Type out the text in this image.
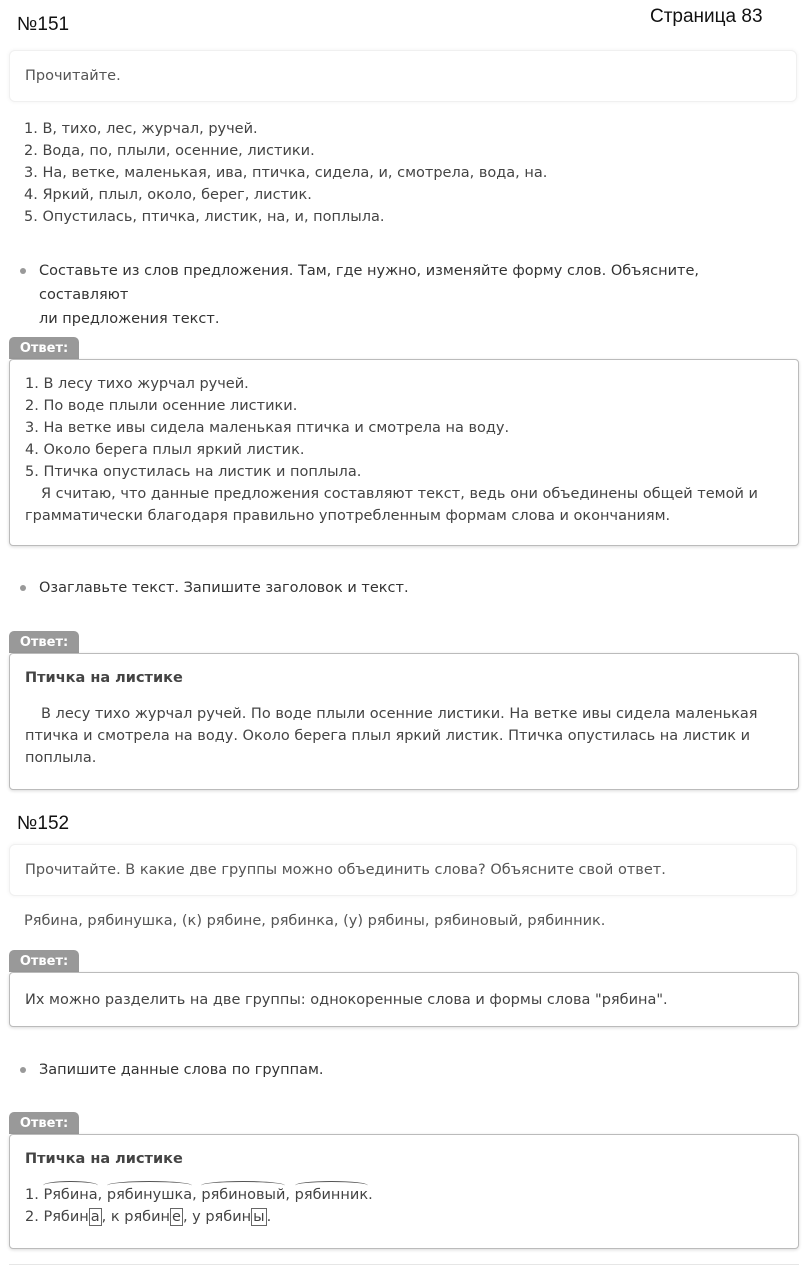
№151	Страница 83
Прочитайте.
1. В, тихо, лес, журчал, ручей.
2. Вода, по, плыли, осенние, листики.
3. На, ветке, маленькая, ива, птичка, сидела, и, смотрела, вода, на.
4. Яркий, плыл, около, берег, листик.
5. Опустилась, птичка, листик, на, и, поплыла.
Составьте из слов предложения. Там, где нужно, изменяйте форму слов. Объясните, составляют
ли предложения текст.
Ответ:
1. В лесу тихо журчал ручей.
2. По воде плыли осенние листики.
3. На ветке ивы сидела маленькая птичка и смотрела на воду.
4. Около берега плыл яркий листик.
5. Птичка опустилась на листик и поплыла.
Я считаю, что данные предложения составляют текст, ведь они объединены общей темой и
грамматически благодаря правильно употребленным формам слова и окончаниям.
Озаглавьте текст. Запишите заголовок и текст.
Ответ:
Птичка на листике
В лесу тихо журчал ручей. По воде плыли осенние листики. На ветке ивы сидела маленькая
птичка и смотрела на воду. Около берега плыл яркий листик. Птичка опустилась на листик и
поплыла.
№152
Прочитайте. В какие две группы можно объединить слова? Объясните свой ответ.
Рябина, рябинушка, (к) рябине, рябинка, (у) рябины, рябиновый, рябинник.
Ответ:
Их можно разделить на две группы: однокоренные слова и формы слова "рябина".
Запишите данные слова по группам.
Ответ:
Птичка на листике
1. Рябина, рябинушка, рябиновый, рябинник.
2. Рябин а , к рябин е , у рябин ы .
